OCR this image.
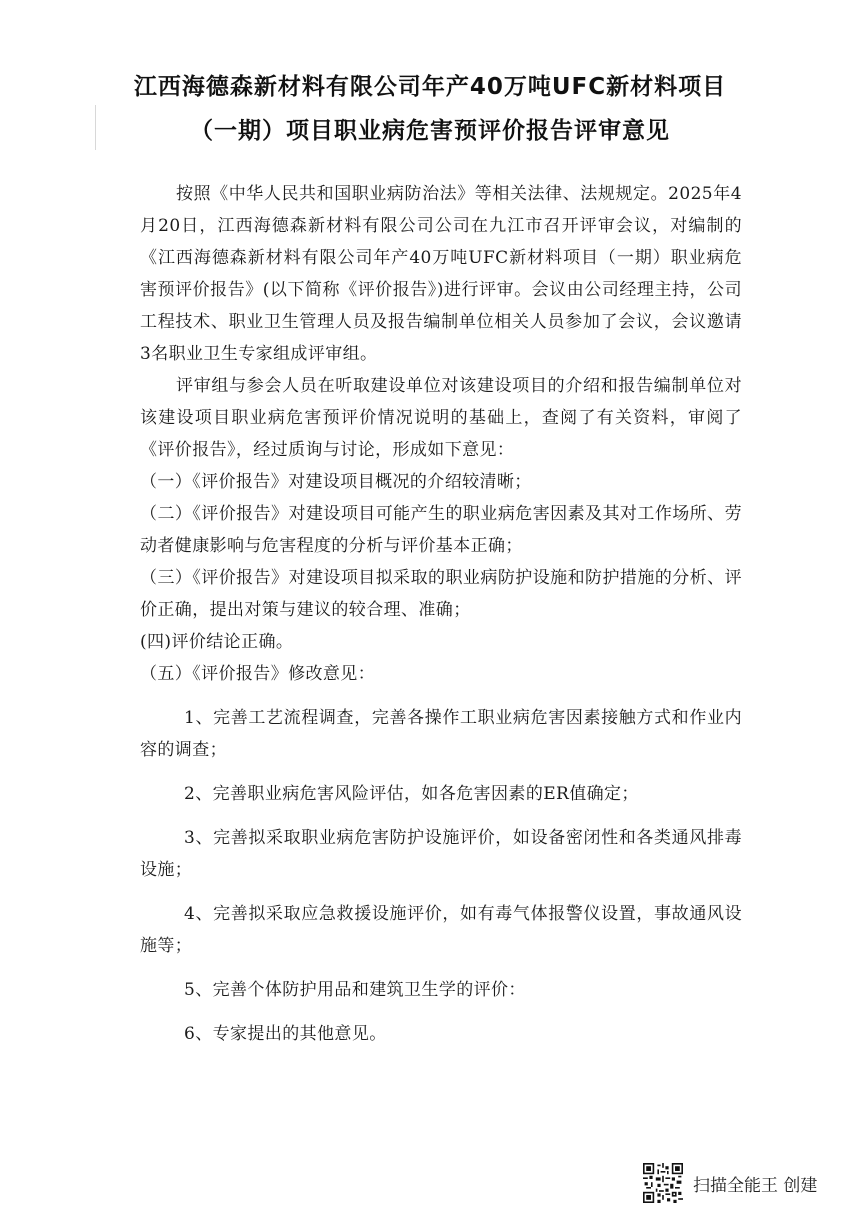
江西海德森新材料有限公司年产40万吨UFC新材料项目
（一期）项目职业病危害预评价报告评审意见

按照《中华人民共和国职业病防治法》等相关法律、法规规定。2025年4月20日，江西海德森新材料有限公司公司在九江市召开评审会议，对编制的《江西海德森新材料有限公司年产40万吨UFC新材料项目（一期）职业病危害预评价报告》(以下简称《评价报告》)进行评审。会议由公司经理主持，公司工程技术、职业卫生管理人员及报告编制单位相关人员参加了会议，会议邀请3名职业卫生专家组成评审组。

评审组与参会人员在听取建设单位对该建设项目的介绍和报告编制单位对该建设项目职业病危害预评价情况说明的基础上，查阅了有关资料，审阅了《评价报告》，经过质询与讨论，形成如下意见：

（一）《评价报告》对建设项目概况的介绍较清晰；

（二）《评价报告》对建设项目可能产生的职业病危害因素及其对工作场所、劳动者健康影响与危害程度的分析与评价基本正确；

（三）《评价报告》对建设项目拟采取的职业病防护设施和防护措施的分析、评价正确，提出对策与建议的较合理、准确；

(四)评价结论正确。

（五）《评价报告》修改意见：

1、完善工艺流程调查，完善各操作工职业病危害因素接触方式和作业内容的调查；

2、完善职业病危害风险评估，如各危害因素的ER值确定；

3、完善拟采取职业病危害防护设施评价，如设备密闭性和各类通风排毒设施；

4、完善拟采取应急救援设施评价，如有毒气体报警仪设置，事故通风设施等；

5、完善个体防护用品和建筑卫生学的评价：

6、专家提出的其他意见。

扫描全能王 创建
